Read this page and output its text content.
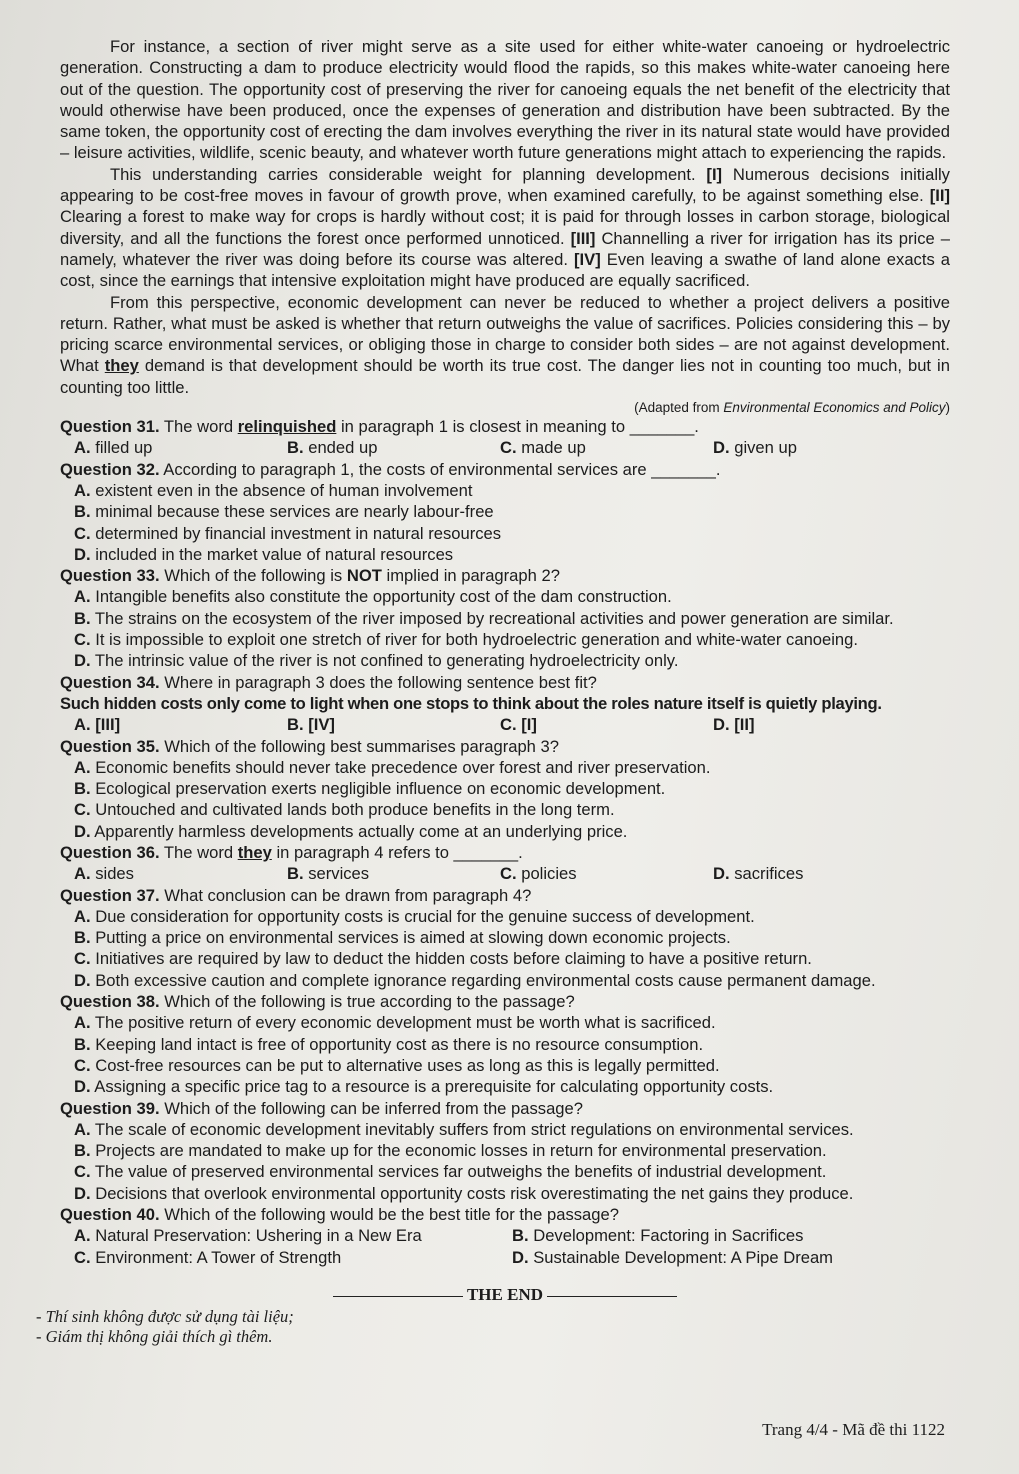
For instance, a section of river might serve as a site used for either white-water canoeing or hydroelectric generation. Constructing a dam to produce electricity would flood the rapids, so this makes white-water canoeing here out of the question. The opportunity cost of preserving the river for canoeing equals the net benefit of the electricity that would otherwise have been produced, once the expenses of generation and distribution have been subtracted. By the same token, the opportunity cost of erecting the dam involves everything the river in its natural state would have provided – leisure activities, wildlife, scenic beauty, and whatever worth future generations might attach to experiencing the rapids.

This understanding carries considerable weight for planning development. [I] Numerous decisions initially appearing to be cost-free moves in favour of growth prove, when examined carefully, to be against something else. [II] Clearing a forest to make way for crops is hardly without cost; it is paid for through losses in carbon storage, biological diversity, and all the functions the forest once performed unnoticed. [III] Channelling a river for irrigation has its price – namely, whatever the river was doing before its course was altered. [IV] Even leaving a swathe of land alone exacts a cost, since the earnings that intensive exploitation might have produced are equally sacrificed.

From this perspective, economic development can never be reduced to whether a project delivers a positive return. Rather, what must be asked is whether that return outweighs the value of sacrifices. Policies considering this – by pricing scarce environmental services, or obliging those in charge to consider both sides – are not against development. What they demand is that development should be worth its true cost. The danger lies not in counting too much, but in counting too little.

(Adapted from Environmental Economics and Policy)
Question 31. The word relinquished in paragraph 1 is closest in meaning to _______.
A. filled up	B. ended up	C. made up	D. given up
Question 32. According to paragraph 1, the costs of environmental services are _______.
A. existent even in the absence of human involvement
B. minimal because these services are nearly labour-free
C. determined by financial investment in natural resources
D. included in the market value of natural resources
Question 33. Which of the following is NOT implied in paragraph 2?
A. Intangible benefits also constitute the opportunity cost of the dam construction.
B. The strains on the ecosystem of the river imposed by recreational activities and power generation are similar.
C. It is impossible to exploit one stretch of river for both hydroelectric generation and white-water canoeing.
D. The intrinsic value of the river is not confined to generating hydroelectricity only.
Question 34. Where in paragraph 3 does the following sentence best fit?
Such hidden costs only come to light when one stops to think about the roles nature itself is quietly playing.
A. [III]	B. [IV]	C. [I]	D. [II]
Question 35. Which of the following best summarises paragraph 3?
A. Economic benefits should never take precedence over forest and river preservation.
B. Ecological preservation exerts negligible influence on economic development.
C. Untouched and cultivated lands both produce benefits in the long term.
D. Apparently harmless developments actually come at an underlying price.
Question 36. The word they in paragraph 4 refers to _______.
A. sides	B. services	C. policies	D. sacrifices
Question 37. What conclusion can be drawn from paragraph 4?
A. Due consideration for opportunity costs is crucial for the genuine success of development.
B. Putting a price on environmental services is aimed at slowing down economic projects.
C. Initiatives are required by law to deduct the hidden costs before claiming to have a positive return.
D. Both excessive caution and complete ignorance regarding environmental costs cause permanent damage.
Question 38. Which of the following is true according to the passage?
A. The positive return of every economic development must be worth what is sacrificed.
B. Keeping land intact is free of opportunity cost as there is no resource consumption.
C. Cost-free resources can be put to alternative uses as long as this is legally permitted.
D. Assigning a specific price tag to a resource is a prerequisite for calculating opportunity costs.
Question 39. Which of the following can be inferred from the passage?
A. The scale of economic development inevitably suffers from strict regulations on environmental services.
B. Projects are mandated to make up for the economic losses in return for environmental preservation.
C. The value of preserved environmental services far outweighs the benefits of industrial development.
D. Decisions that overlook environmental opportunity costs risk overestimating the net gains they produce.
Question 40. Which of the following would be the best title for the passage?
A. Natural Preservation: Ushering in a New Era	B. Development: Factoring in Sacrifices
C. Environment: A Tower of Strength	D. Sustainable Development: A Pipe Dream
THE END
- Thí sinh không được sử dụng tài liệu;
- Giám thị không giải thích gì thêm.
Trang 4/4 - Mã đề thi 1122
